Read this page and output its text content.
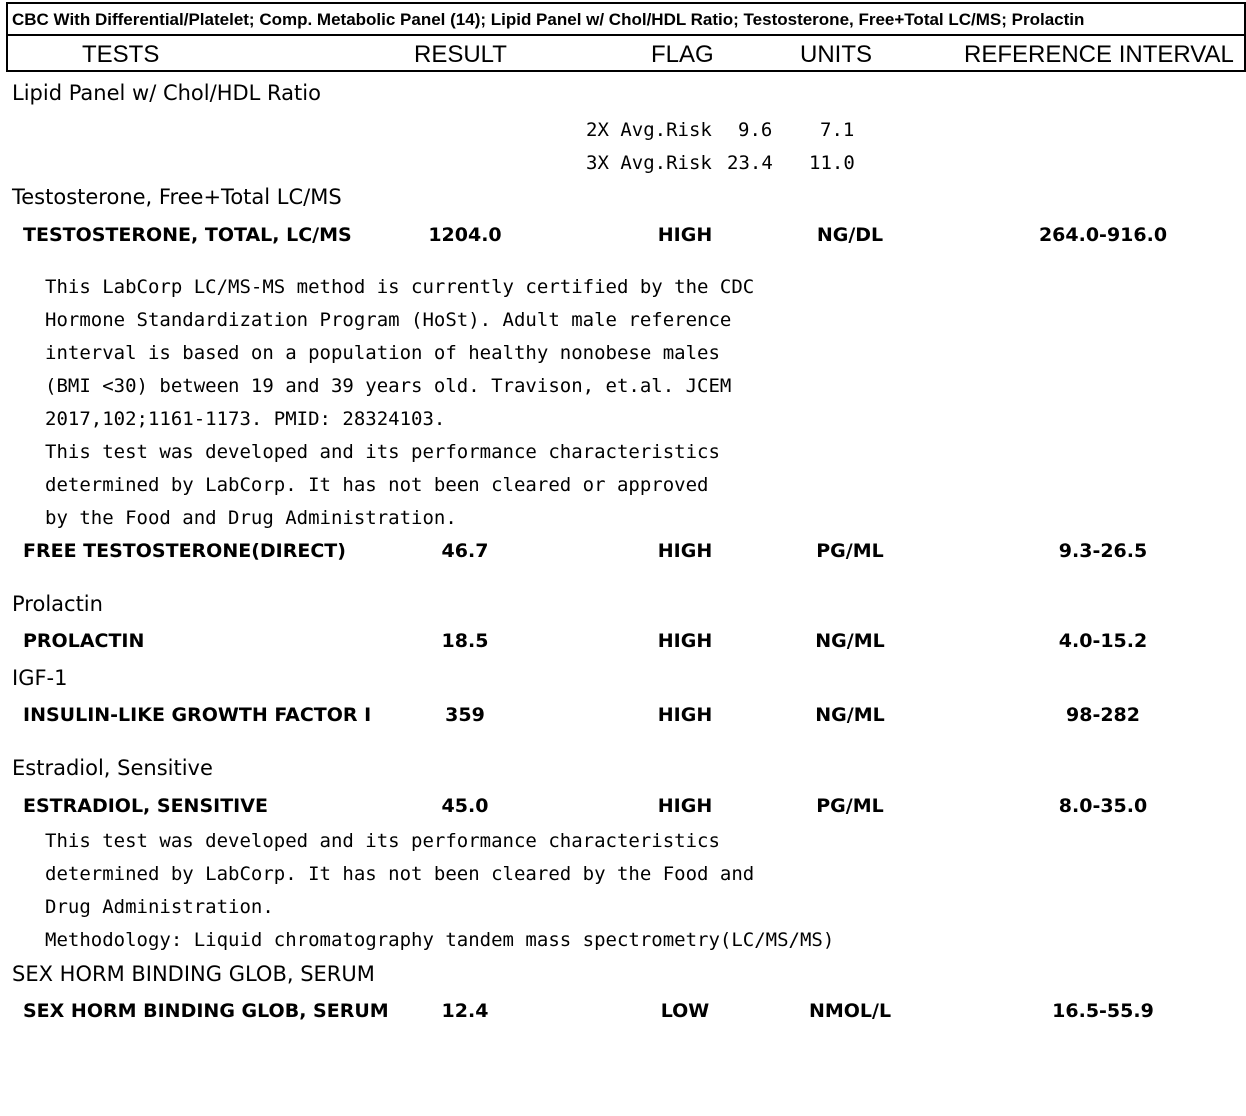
CBC With Differential/Platelet; Comp. Metabolic Panel (14); Lipid Panel w/ Chol/HDL Ratio; Testosterone, Free+Total LC/MS; Prolactin
TESTS	RESULT	FLAG	UNITS	REFERENCE INTERVAL
Lipid Panel w/ Chol/HDL Ratio
2X Avg.Risk 9.6	7.1
3X Avg.Risk 23.4 11.0
Testosterone, Free+Total LC/MS
TESTOSTERONE, TOTAL, LC/MS	1204.0	HIGH	NG/DL	264.0-916.0
This LabCorp LC/MS-MS method is currently certified by the CDC
Hormone Standardization Program (HoSt). Adult male reference
interval is based on a population of healthy nonobese males
(BMI <30) between 19 and 39 years old. Travison, et.al. JCEM
2017,102;1161-1173. PMID: 28324103.
This test was developed and its performance characteristics
determined by LabCorp. It has not been cleared or approved
by the Food and Drug Administration.
FREE TESTOSTERONE(DIRECT)	46.7	HIGH	PG/ML	9.3-26.5
Prolactin
PROLACTIN	18.5	HIGH	NG/ML	4.0-15.2
IGF-1
INSULIN-LIKE GROWTH FACTOR I	359	HIGH	NG/ML	98-282
Estradiol, Sensitive
ESTRADIOL, SENSITIVE	45.0	HIGH	PG/ML	8.0-35.0
This test was developed and its performance characteristics
determined by LabCorp. It has not been cleared by the Food and
Drug Administration.
Methodology: Liquid chromatography tandem mass spectrometry(LC/MS/MS)
SEX HORM BINDING GLOB, SERUM
SEX HORM BINDING GLOB, SERUM	12.4	LOW	NMOL/L	16.5-55.9
